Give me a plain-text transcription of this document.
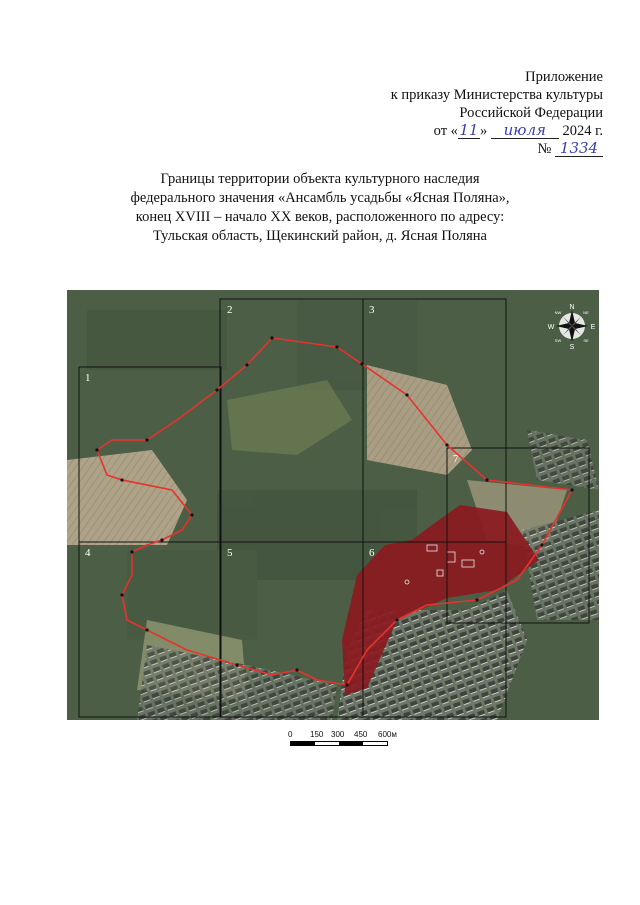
Приложение
к приказу Министерства культуры
Российской Федерации
от «11» июля 2024 г.
№ 1334
Границы территории объекта культурного наследия
федерального значения «Ансамбль усадьбы «Ясная Поляна»,
конец XVIII – начало XX веков, расположенного по адресу:
Тульская область, Щекинский район, д. Ясная Поляна
1
2	3
4	5	6
7
N
S
W	E
NW	NE
SW	SE
0 150 300 450 600м
